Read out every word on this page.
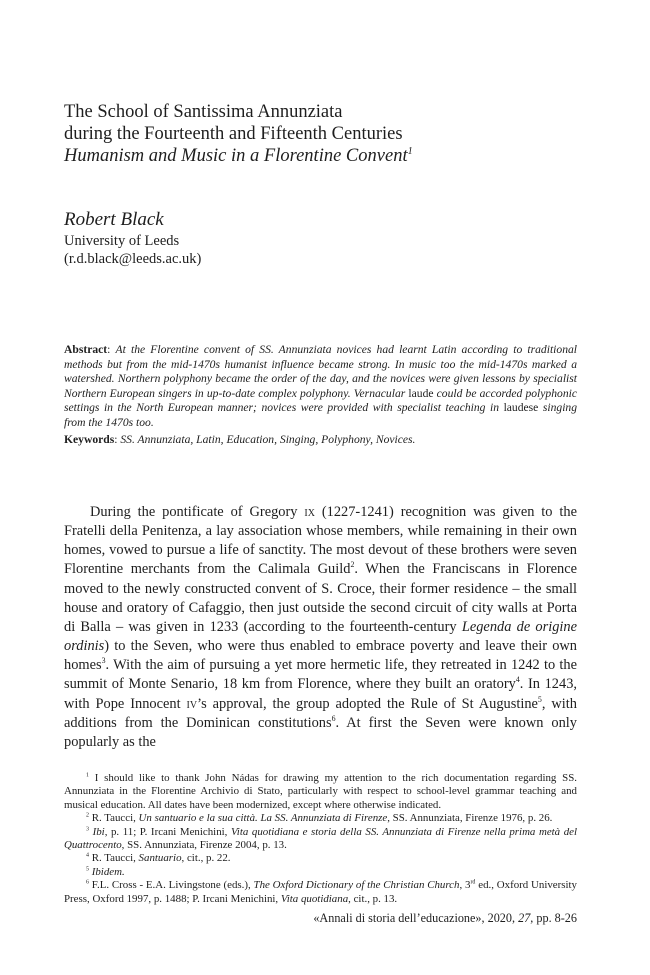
The School of Santissima Annunziata
during the Fourteenth and Fifteenth Centuries
Humanism and Music in a Florentine Convent$^1$
Robert Black
University of Leeds
(r.d.black@leeds.ac.uk)
Abstract: At the Florentine convent of SS. Annunziata novices had learnt Latin according to traditional methods but from the mid-1470s humanist influence became strong. In music too the mid-1470s marked a watershed. Northern polyphony became the order of the day, and the novices were given lessons by specialist Northern European singers in up-to-date complex polyphony. Vernacular laude could be accorded polyphonic settings in the North European manner; novices were provided with specialist teaching in laudese singing from the 1470s too.
Keywords: SS. Annunziata, Latin, Education, Singing, Polyphony, Novices.

During the pontificate of Gregory ix (1227-1241) recognition was given to the Fratelli della Penitenza, a lay association whose members, while remaining in their own homes, vowed to pursue a life of sanctity. The most devout of these brothers were seven Florentine merchants from the Calimala Guild$^2$. When the Franciscans in Florence moved to the newly constructed convent of S. Croce, their former residence – the small house and oratory of Cafaggio, then just outside the second circuit of city walls at Porta di Balla – was given in 1233 (according to the fourteenth-century Legenda de origine ordinis) to the Seven, who were thus enabled to embrace poverty and leave their own homes$^3$. With the aim of pursuing a yet more hermetic life, they retreated in 1242 to the summit of Monte Senario, 18 km from Florence, where they built an oratory$^4$. In 1243, with Pope Innocent iv’s approval, the group adopted the Rule of St Augustine$^5$, with additions from the Dominican constitutions$^6$. At first the Seven were known only popularly as the

$^1$ I should like to thank John Nádas for drawing my attention to the rich documentation regarding SS. Annunziata in the Florentine Archivio di Stato, particularly with respect to school-level grammar teaching and musical education. All dates have been modernized, except where otherwise indicated.

$^2$ R. Taucci, Un santuario e la sua città. La SS. Annunziata di Firenze, SS. Annunziata, Firenze 1976, p. 26.

$^3$ Ibi, p. 11; P. Ircani Menichini, Vita quotidiana e storia della SS. Annunziata di Firenze nella prima metà del Quattrocento, SS. Annunziata, Firenze 2004, p. 13.

$^4$ R. Taucci, Santuario, cit., p. 22.

$^5$ Ibidem.

$^6$ F.L. Cross - E.A. Livingstone (eds.), The Oxford Dictionary of the Christian Church, 3rd ed., Oxford University Press, Oxford 1997, p. 1488; P. Ircani Menichini, Vita quotidiana, cit., p. 13.

«Annali di storia dell’educazione», 2020, 27, pp. 8-26
